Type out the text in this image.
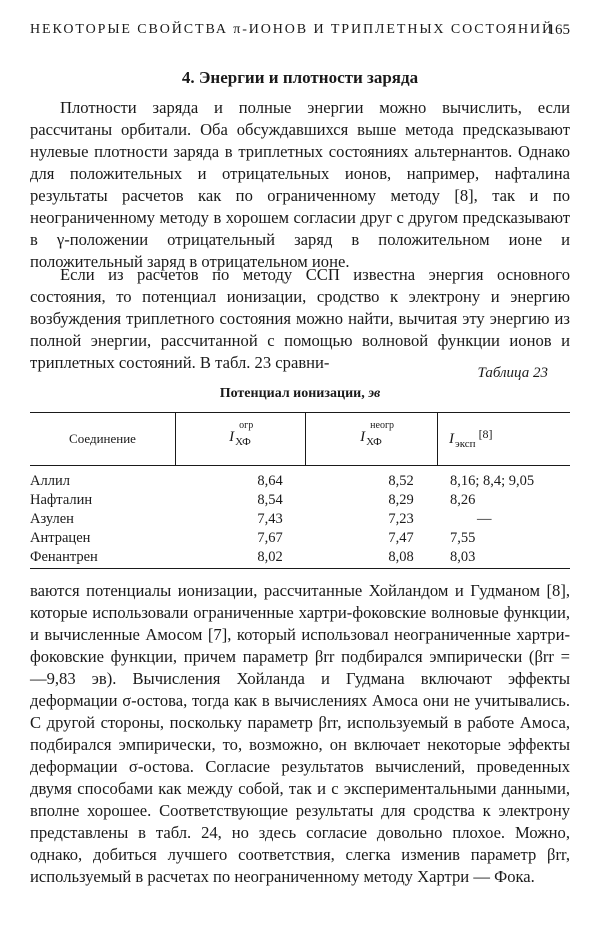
НЕКОТОРЫЕ СВОЙСТВА π-ИОНОВ И ТРИПЛЕТНЫХ СОСТОЯНИЙ
165
4. Энергии и плотности заряда

Плотности заряда и полные энергии можно вычислить, если рассчитаны орбитали. Оба обсуждавшихся выше метода предсказывают нулевые плотности заряда в триплетных состояниях альтернантов. Однако для положительных и отрицательных ионов, например, нафталина результаты расчетов как по ограниченному методу [8], так и по неограниченному методу в хорошем согласии друг с другом предсказывают в γ-положении отрицательный заряд в положительном ионе и положительный заряд в отрицательном ионе.

Если из расчетов по методу ССП известна энергия основного состояния, то потенциал ионизации, сродство к электрону и энергию возбуждения триплетного состояния можно найти, вычитая эту энергию из полной энергии, рассчитанной с помощью волновой функции ионов и триплетных состояний. В табл. 23 сравни-

Таблица 23
Потенциал ионизации, эв
Соединение	I
огр
$_{ХФ}$	I
неогр
$_{ХФ}$	$I_{эксп}[8]$
Аллил	8,64	8,52	8,16; 8,4; 9,05
Нафталин	8,54	8,29	8,26
Азулен	7,43	7,23	—
Антрацен	7,67	7,47	7,55
Фенантрен	8,02	8,08	8,03

ваются потенциалы ионизации, рассчитанные Хойландом и Гудманом [8], которые использовали ограниченные хартри-фоковские волновые функции, и вычисленные Амосом [7], который использовал неограниченные хартри-фоковские функции, причем параметр βrr подбирался эмпирически (βrr = —9,83 эв). Вычисления Хойланда и Гудмана включают эффекты деформации σ-остова, тогда как в вычислениях Амоса они не учитывались. С другой стороны, поскольку параметр βrr, используемый в работе Амоса, подбирался эмпирически, то, возможно, он включает некоторые эффекты деформации σ-остова. Согласие результатов вычислений, проведенных двумя способами как между собой, так и с экспериментальными данными, вполне хорошее. Соответствующие результаты для сродства к электрону представлены в табл. 24, но здесь согласие довольно плохое. Можно, однако, добиться лучшего соответствия, слегка изменив параметр βrr, используемый в расчетах по неограниченному методу Хартри — Фока.
